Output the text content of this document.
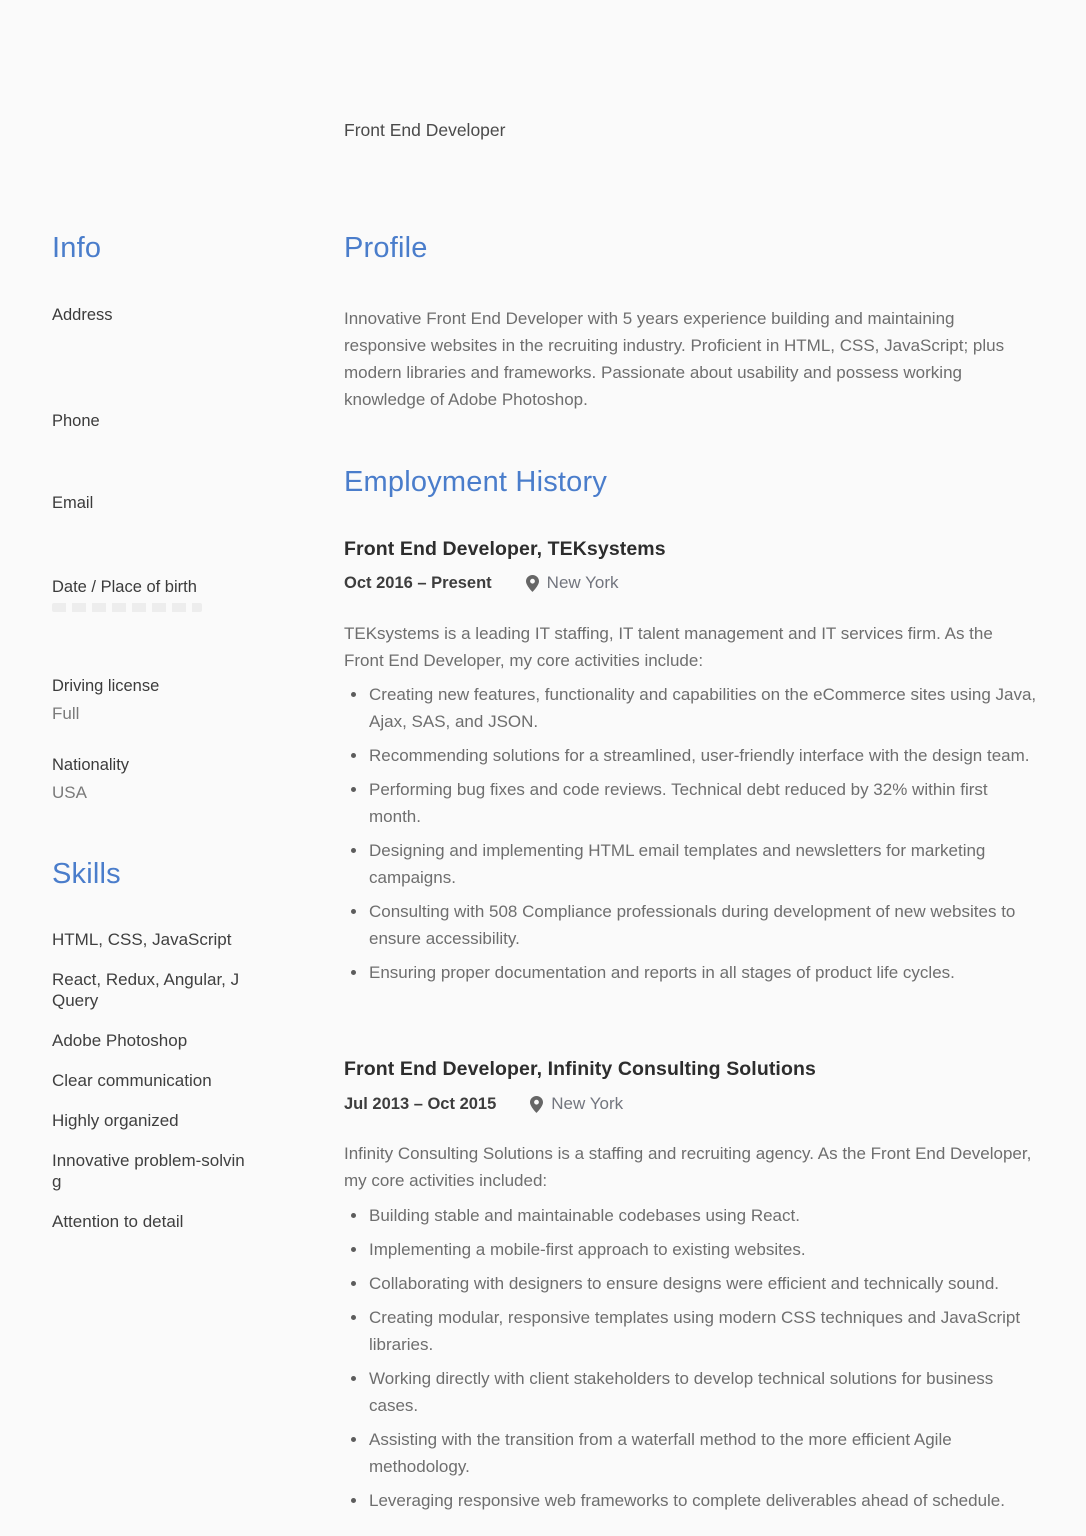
Info
Address
Phone
Email
Date / Place of birth
Driving license
Full
Nationality
USA
Skills
HTML, CSS, JavaScript
React, Redux, Angular, JQuery
Adobe Photoshop
Clear communication
Highly organized
Innovative problem-solving
Attention to detail
Front End Developer
Profile

Innovative Front End Developer with 5 years experience building and maintaining responsive websites in the recruiting industry. Proficient in HTML, CSS, JavaScript; plus modern libraries and frameworks. Passionate about usability and possess working knowledge of Adobe Photoshop.

Employment History
Front End Developer, TEKsystems
Oct 2016 – Present	New York

TEKsystems is a leading IT staffing, IT talent management and IT services firm. As the Front End Developer, my core activities include:

Creating new features, functionality and capabilities on the eCommerce sites using Java, Ajax, SAS, and JSON.
Recommending solutions for a streamlined, user-friendly interface with the design team.
Performing bug fixes and code reviews. Technical debt reduced by 32% within first month.
Designing and implementing HTML email templates and newsletters for marketing campaigns.
Consulting with 508 Compliance professionals during development of new websites to ensure accessibility.
Ensuring proper documentation and reports in all stages of product life cycles.
Front End Developer, Infinity Consulting Solutions
Jul 2013 – Oct 2015	New York

Infinity Consulting Solutions is a staffing and recruiting agency. As the Front End Developer, my core activities included:

Building stable and maintainable codebases using React.
Implementing a mobile-first approach to existing websites.
Collaborating with designers to ensure designs were efficient and technically sound.
Creating modular, responsive templates using modern CSS techniques and JavaScript libraries.
Working directly with client stakeholders to develop technical solutions for business cases.
Assisting with the transition from a waterfall method to the more efficient Agile methodology.
Leveraging responsive web frameworks to complete deliverables ahead of schedule.
